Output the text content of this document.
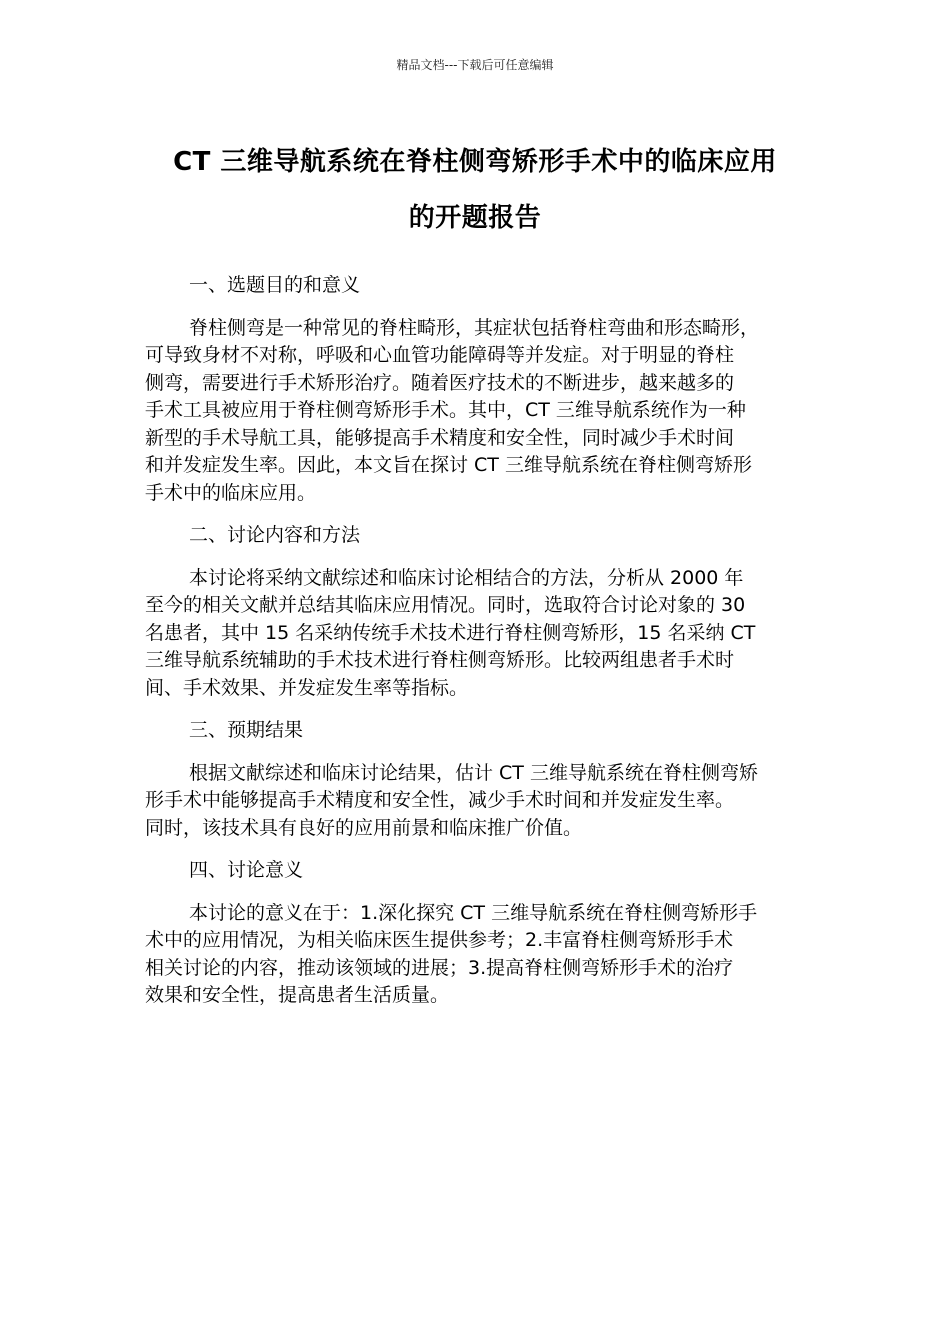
精品文档---下载后可任意编辑
CT 三维导航系统在脊柱侧弯矫形手术中的临床应用
的开题报告

一、选题目的和意义

脊柱侧弯是一种常见的脊柱畸形，其症状包括脊柱弯曲和形态畸形，
可导致身材不对称，呼吸和心血管功能障碍等并发症。对于明显的脊柱
侧弯，需要进行手术矫形治疗。随着医疗技术的不断进步，越来越多的
手术工具被应用于脊柱侧弯矫形手术。其中，CT 三维导航系统作为一种
新型的手术导航工具，能够提高手术精度和安全性，同时减少手术时间
和并发症发生率。因此，本文旨在探讨 CT 三维导航系统在脊柱侧弯矫形
手术中的临床应用。

二、讨论内容和方法

本讨论将采纳文献综述和临床讨论相结合的方法，分析从 2000 年
至今的相关文献并总结其临床应用情况。同时，选取符合讨论对象的 30
名患者，其中 15 名采纳传统手术技术进行脊柱侧弯矫形，15 名采纳 CT
三维导航系统辅助的手术技术进行脊柱侧弯矫形。比较两组患者手术时
间、手术效果、并发症发生率等指标。

三、预期结果

根据文献综述和临床讨论结果，估计 CT 三维导航系统在脊柱侧弯矫
形手术中能够提高手术精度和安全性，减少手术时间和并发症发生率。
同时，该技术具有良好的应用前景和临床推广价值。

四、讨论意义

本讨论的意义在于：1.深化探究 CT 三维导航系统在脊柱侧弯矫形手
术中的应用情况，为相关临床医生提供参考；2.丰富脊柱侧弯矫形手术
相关讨论的内容，推动该领域的进展；3.提高脊柱侧弯矫形手术的治疗
效果和安全性，提高患者生活质量。
